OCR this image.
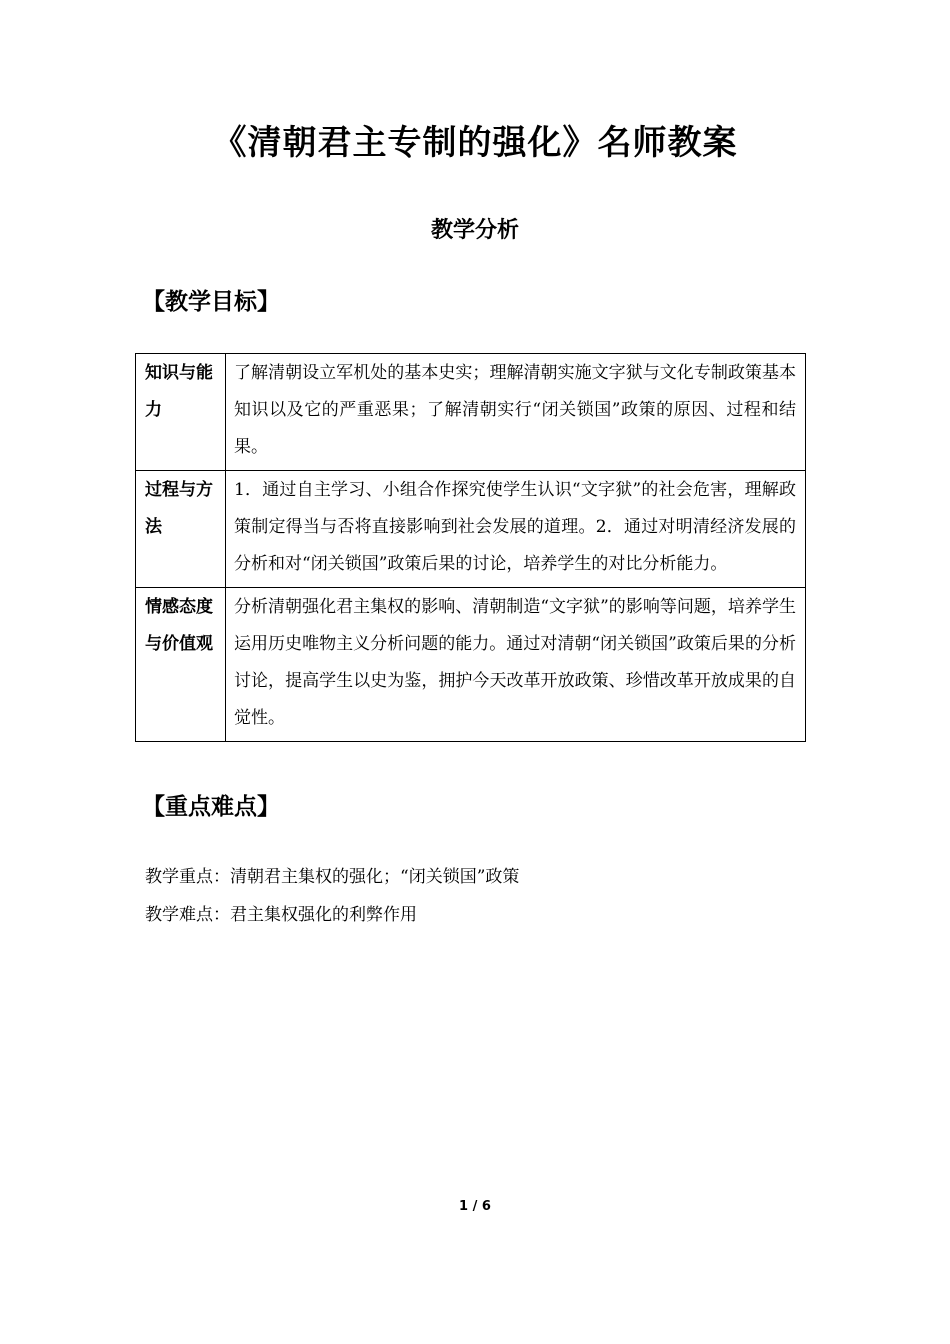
《清朝君主专制的强化》名师教案
教学分析
【教学目标】
知识与能力	了解清朝设立军机处的基本史实；理解清朝实施文字狱与文化专制政策基本知识以及它的严重恶果；了解清朝实行“闭关锁国”政策的原因、过程和结果。
过程与方法	1．通过自主学习、小组合作探究使学生认识“文字狱”的社会危害，理解政策制定得当与否将直接影响到社会发展的道理。2．通过对明清经济发展的分析和对“闭关锁国”政策后果的讨论，培养学生的对比分析能力。
情感态度与价值观	分析清朝强化君主集权的影响、清朝制造“文字狱”的影响等问题，培养学生运用历史唯物主义分析问题的能力。通过对清朝“闭关锁国”政策后果的分析讨论，提高学生以史为鉴，拥护今天改革开放政策、珍惜改革开放成果的自觉性。
【重点难点】
教学重点：清朝君主集权的强化；“闭关锁国”政策
教学难点：君主集权强化的利弊作用
1 / 6
